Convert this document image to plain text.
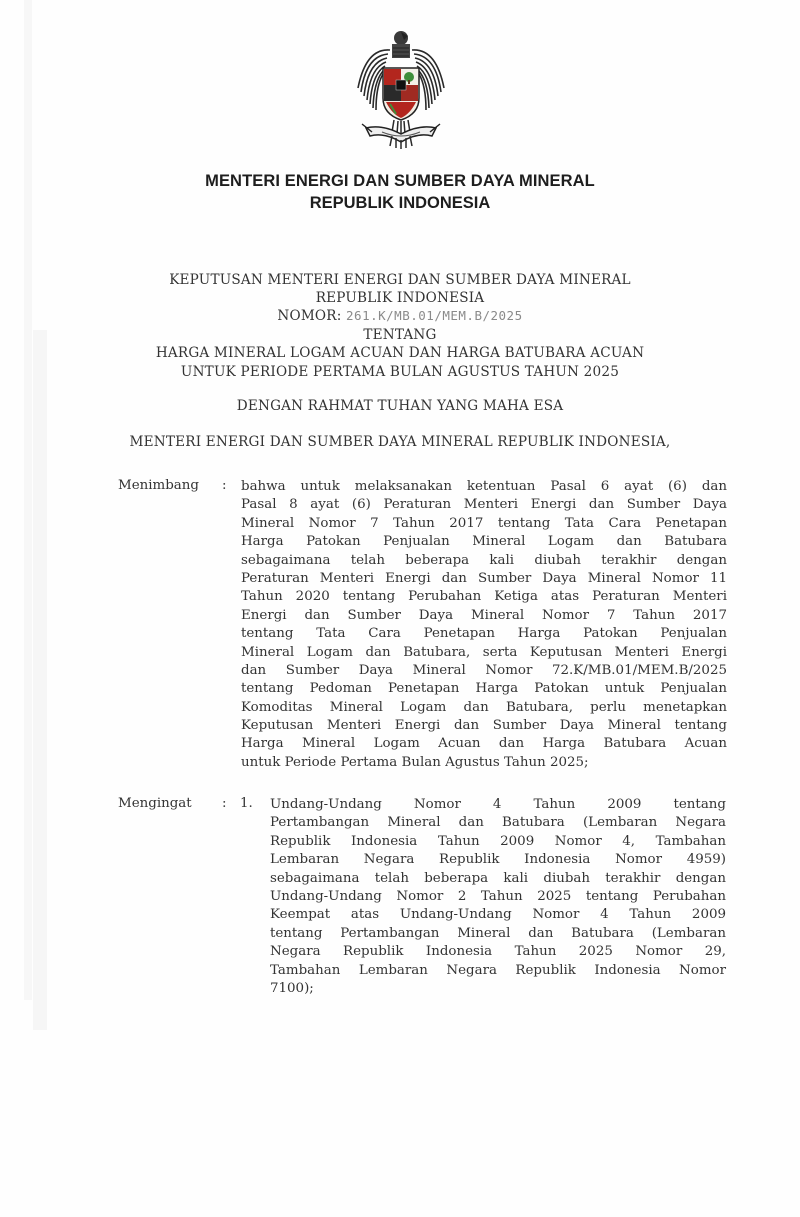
MENTERI ENERGI DAN SUMBER DAYA MINERAL
REPUBLIK INDONESIA
KEPUTUSAN MENTERI ENERGI DAN SUMBER DAYA MINERAL
REPUBLIK INDONESIA
NOMOR: 261.K/MB.01/MEM.B/2025
TENTANG
HARGA MINERAL LOGAM ACUAN DAN HARGA BATUBARA ACUAN
UNTUK PERIODE PERTAMA BULAN AGUSTUS TAHUN 2025
DENGAN RAHMAT TUHAN YANG MAHA ESA
MENTERI ENERGI DAN SUMBER DAYA MINERAL REPUBLIK INDONESIA,
Menimbang : bahwa untuk melaksanakan ketentuan Pasal 6 ayat (6) dan
Pasal 8 ayat (6) Peraturan Menteri Energi dan Sumber Daya
Mineral Nomor 7 Tahun 2017 tentang Tata Cara Penetapan
Harga Patokan Penjualan Mineral Logam dan Batubara
sebagaimana telah beberapa kali diubah terakhir dengan
Peraturan Menteri Energi dan Sumber Daya Mineral Nomor 11
Tahun 2020 tentang Perubahan Ketiga atas Peraturan Menteri
Energi dan Sumber Daya Mineral Nomor 7 Tahun 2017
tentang Tata Cara Penetapan Harga Patokan Penjualan
Mineral Logam dan Batubara, serta Keputusan Menteri Energi
dan Sumber Daya Mineral Nomor 72.K/MB.01/MEM.B/2025
tentang Pedoman Penetapan Harga Patokan untuk Penjualan
Komoditas Mineral Logam dan Batubara, perlu menetapkan
Keputusan Menteri Energi dan Sumber Daya Mineral tentang
Harga Mineral Logam Acuan dan Harga Batubara Acuan
untuk Periode Pertama Bulan Agustus Tahun 2025;
Mengingat : 1. Undang-Undang Nomor 4 Tahun 2009 tentang
Pertambangan Mineral dan Batubara (Lembaran Negara
Republik Indonesia Tahun 2009 Nomor 4, Tambahan
Lembaran Negara Republik Indonesia Nomor 4959)
sebagaimana telah beberapa kali diubah terakhir dengan
Undang-Undang Nomor 2 Tahun 2025 tentang Perubahan
Keempat atas Undang-Undang Nomor 4 Tahun 2009
tentang Pertambangan Mineral dan Batubara (Lembaran
Negara Republik Indonesia Tahun 2025 Nomor 29,
Tambahan Lembaran Negara Republik Indonesia Nomor
7100);
